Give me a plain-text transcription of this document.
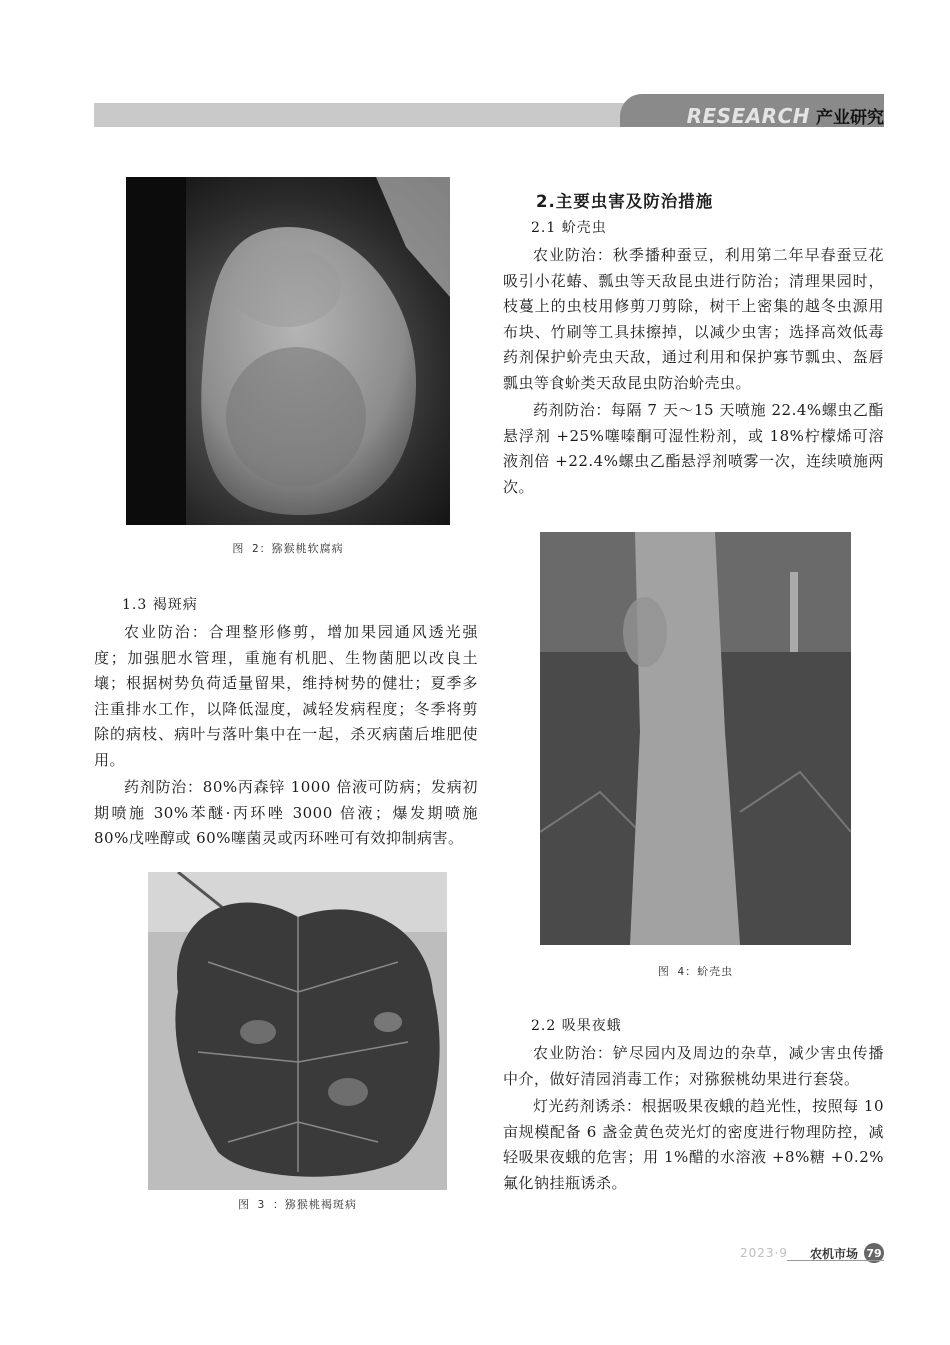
RESEARCH 产业研究
图 2：猕猴桃软腐病

1.3 褐斑病

农业防治：合理整形修剪，增加果园通风透光强度；加强肥水管理，重施有机肥、生物菌肥以改良土壤；根据树势负荷适量留果，维持树势的健壮；夏季多注重排水工作，以降低湿度，减轻发病程度；冬季将剪除的病枝、病叶与落叶集中在一起，杀灭病菌后堆肥使用。

药剂防治：80%丙森锌 1000 倍液可防病；发病初期喷施 30%苯醚·丙环唑 3000 倍液；爆发期喷施 80%戊唑醇或 60%噻菌灵或丙环唑可有效抑制病害。

图 3 ：猕猴桃褐斑病

2.主要虫害及防治措施

2.1 蚧壳虫

农业防治：秋季播种蚕豆，利用第二年早春蚕豆花吸引小花蝽、瓢虫等天敌昆虫进行防治；清理果园时，枝蔓上的虫枝用修剪刀剪除，树干上密集的越冬虫源用布块、竹刷等工具抹擦掉，以减少虫害；选择高效低毒药剂保护蚧壳虫天敌，通过利用和保护寡节瓢虫、盔唇瓢虫等食蚧类天敌昆虫防治蚧壳虫。

药剂防治：每隔 7 天～15 天喷施 22.4%螺虫乙酯悬浮剂 +25%噻嗪酮可湿性粉剂，或 18%柠檬烯可溶液剂倍 +22.4%螺虫乙酯悬浮剂喷雾一次，连续喷施两次。

图 4：蚧壳虫

2.2 吸果夜蛾

农业防治：铲尽园内及周边的杂草，减少害虫传播中介，做好清园消毒工作；对猕猴桃幼果进行套袋。

灯光药剂诱杀：根据吸果夜蛾的趋光性，按照每 10 亩规模配备 6 盏金黄色荧光灯的密度进行物理防控，减轻吸果夜蛾的危害；用 1%醋的水溶液 +8%糖 +0.2%氟化钠挂瓶诱杀。

2023·9 农机市场 79
